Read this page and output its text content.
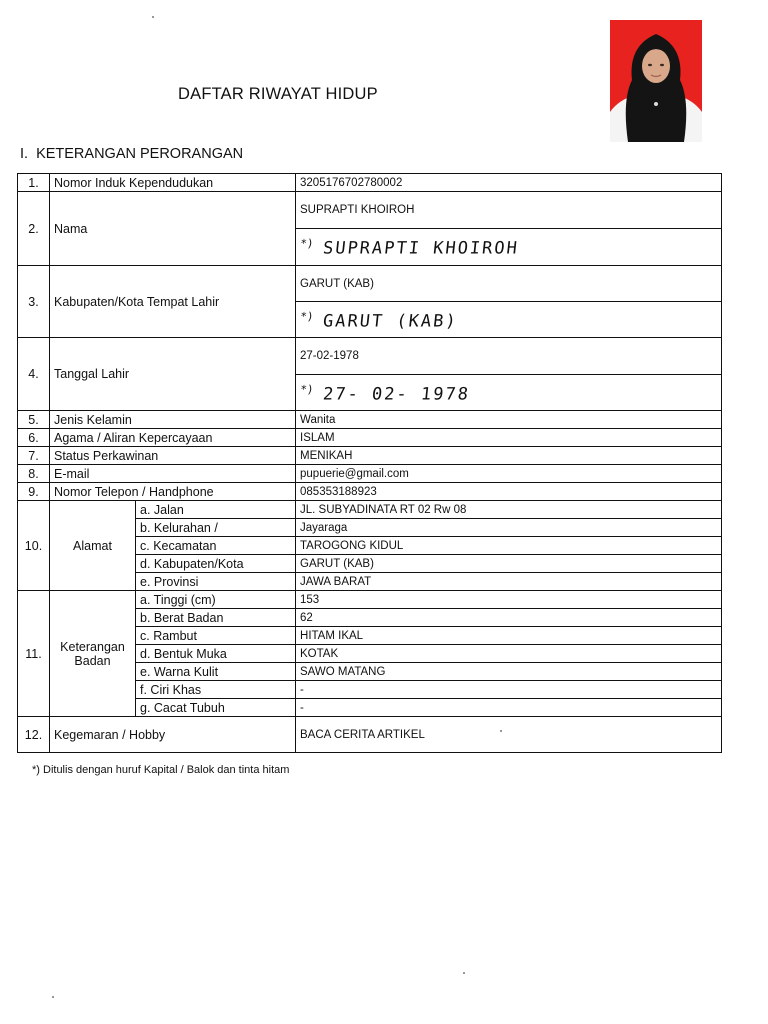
DAFTAR RIWAYAT HIDUP
I. KETERANGAN PERORANGAN
1.	Nomor Induk Kependudukan		3205176702780002
2.	Nama		SUPRAPTI KHOIROH
			*) SUPRAPTI KHOIROH
3.	Kabupaten/Kota Tempat Lahir		GARUT (KAB)
			*) GARUT (KAB)
4.	Tanggal Lahir		27-02-1978
			*) 27- 02- 1978
5.	Jenis Kelamin		Wanita
6.	Agama / Aliran Kepercayaan		ISLAM
7.	Status Perkawinan		MENIKAH
8.	E-mail		pupuerie@gmail.com
9.	Nomor Telepon / Handphone		085353188923
10.	Alamat	a. Jalan	JL. SUBYADINATA RT 02 Rw 08
		b. Kelurahan /	Jayaraga
		c. Kecamatan	TAROGONG KIDUL
		d. Kabupaten/Kota	GARUT (KAB)
		e. Provinsi	JAWA BARAT
11.	Keterangan
Badan	a. Tinggi (cm)	153
		b. Berat Badan	62
		c. Rambut	HITAM IKAL
		d. Bentuk Muka	KOTAK
		e. Warna Kulit	SAWO MATANG
		f. Ciri Khas	-
		g. Cacat Tubuh	-
12.	Kegemaran / Hobby		BACA CERITA ARTIKEL
*) Ditulis dengan huruf Kapital / Balok dan tinta hitam
